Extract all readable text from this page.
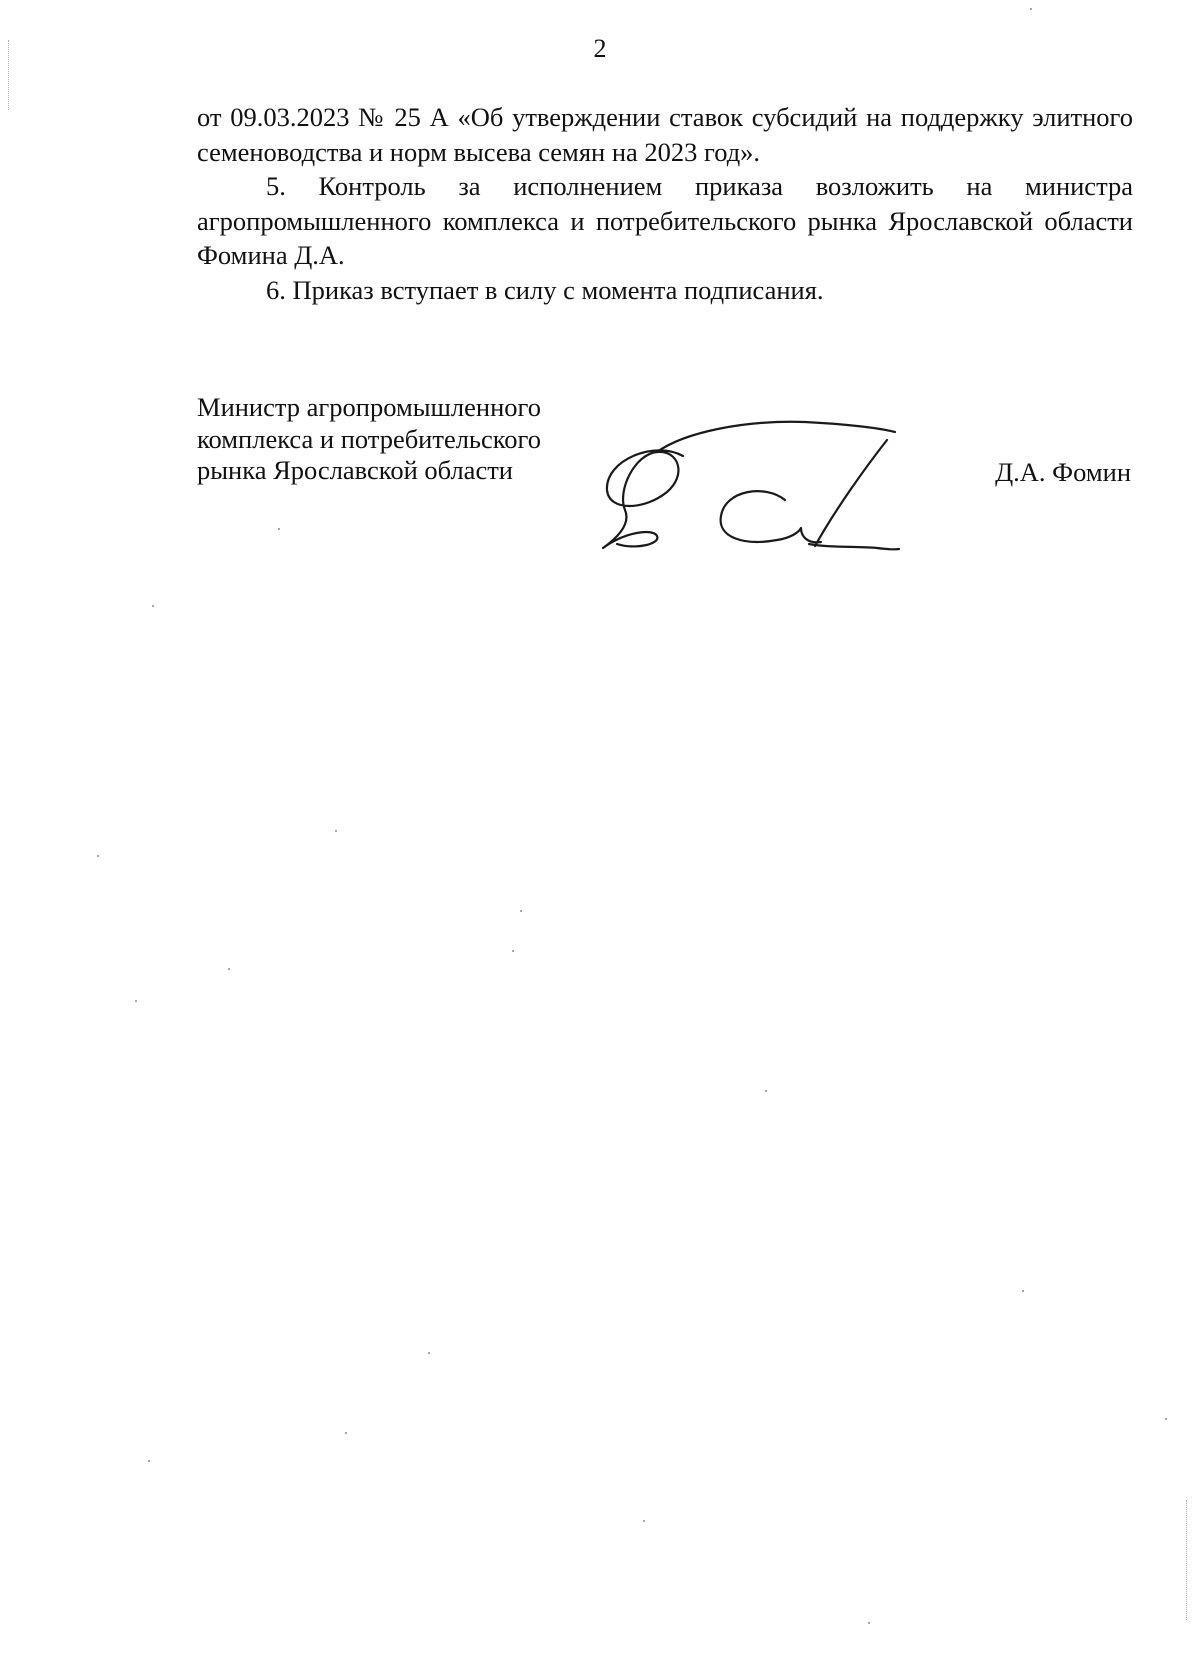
2

от 09.03.2023 № 25 А «Об утверждении ставок субсидий на поддержку элитного семеноводства и норм высева семян на 2023 год».

5. Контроль за исполнением приказа возложить на министра агропромышленного комплекса и потребительского рынка Ярославской области Фомина Д.А.

6. Приказ вступает в силу с момента подписания.

Министр агропромышленного
комплекса и потребительского
рынка Ярославской области	Д.А. Фомин
